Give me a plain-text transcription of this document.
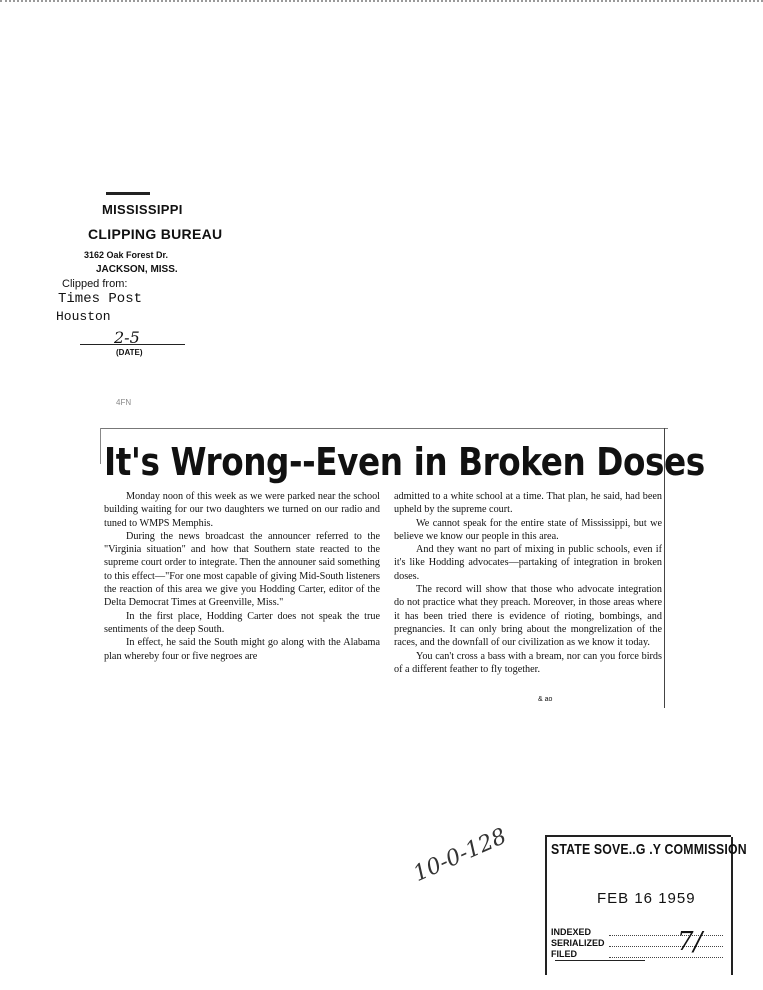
MISSISSIPPI
CLIPPING BUREAU
3162 Oak Forest Dr.
JACKSON, MISS.
Clipped from:
Times Post
Houston
2-5
(DATE)
4FN
It's Wrong--Even in Broken Doses

Monday noon of this week as we were parked near the school building waiting for our two daughters we turned on our radio and tuned to WMPS Memphis.

During the news broadcast the announcer referred to the "Virginia situation" and how that Southern state reacted to the supreme court order to integrate. Then the announer said something to this effect—"For one most capable of giving Mid-South listeners the reaction of this area we give you Hodding Carter, editor of the Delta Democrat Times at Greenville, Miss."

In the first place, Hodding Carter does not speak the true sentiments of the deep South.

In effect, he said the South might go along with the Alabama plan whereby four or five negroes are

admitted to a white school at a time. That plan, he said, had been upheld by the supreme court.

We cannot speak for the entire state of Mississippi, but we believe we know our people in this area.

And they want no part of mixing in public schools, even if it's like Hodding advocates—partaking of integration in broken doses.

The record will show that those who advocate integration do not practice what they preach. Moreover, in those areas where it has been tried there is evidence of rioting, bombings, and pregnancies. It can only bring about the mongrelization of the races, and the downfall of our civilization as we know it today.

You can't cross a bass with a bream, nor can you force birds of a different feather to fly together.

& ao
10-0-128	STATE SOVE..G .Y COMMISSION
FEB 16 1959
INDEXED
SERIALIZED
FILED	7/
